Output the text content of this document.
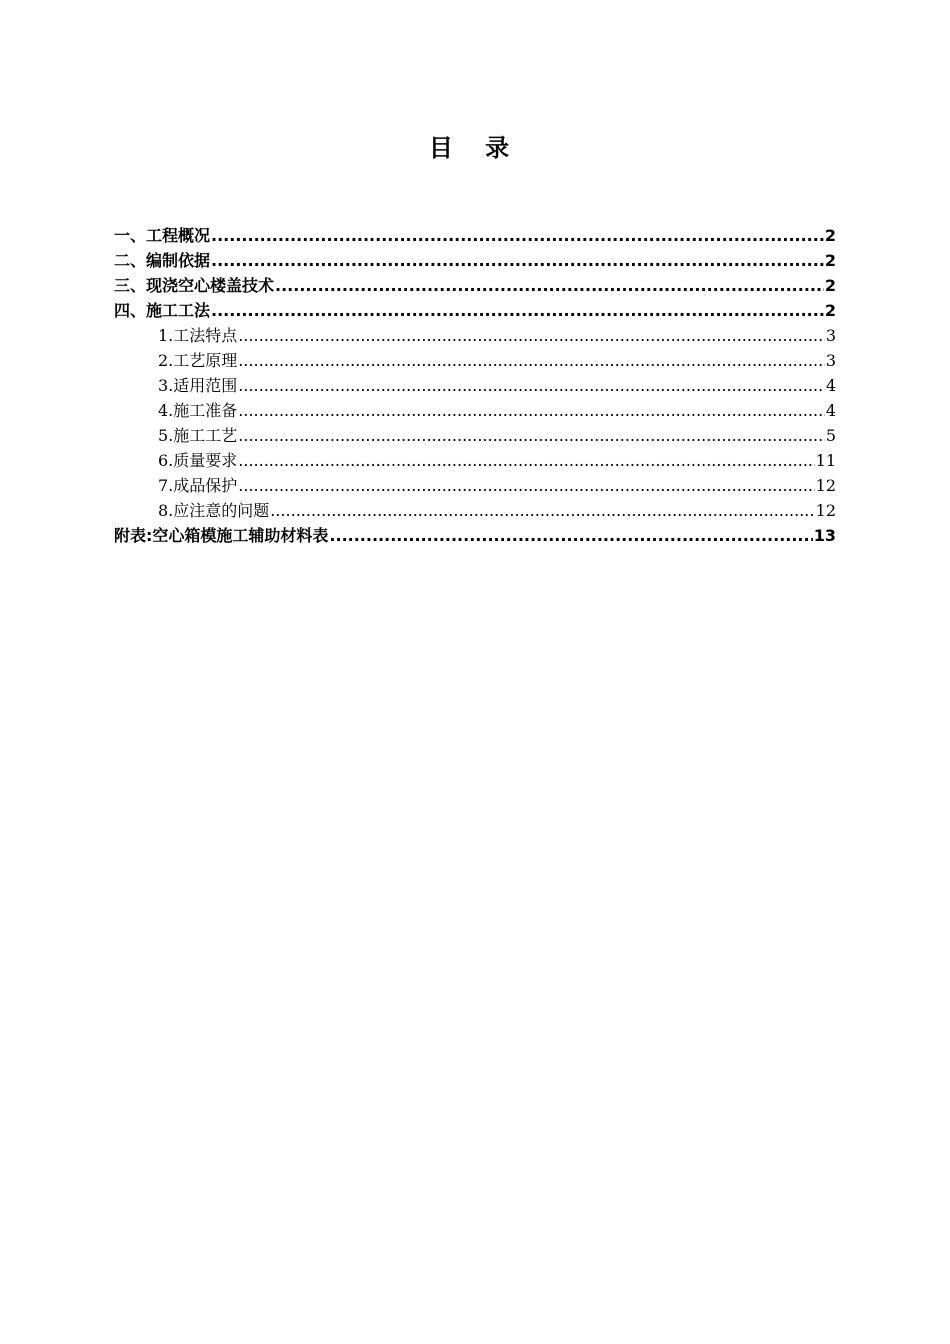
目 录
一、工程概况 .....	2
二、编制依据 .....	2
三、现浇空心楼盖技术 .....	2
四、施工工法 .....	2
1.工法特点 .....	3
2.工艺原理 .....	3
3.适用范围 .....	4
4.施工准备 .....	4
5.施工工艺 .....	5
6.质量要求 .....	11
7.成品保护 .....	12
8.应注意的问题 .....	12
附表:空心箱模施工辅助材料表 .....	13
